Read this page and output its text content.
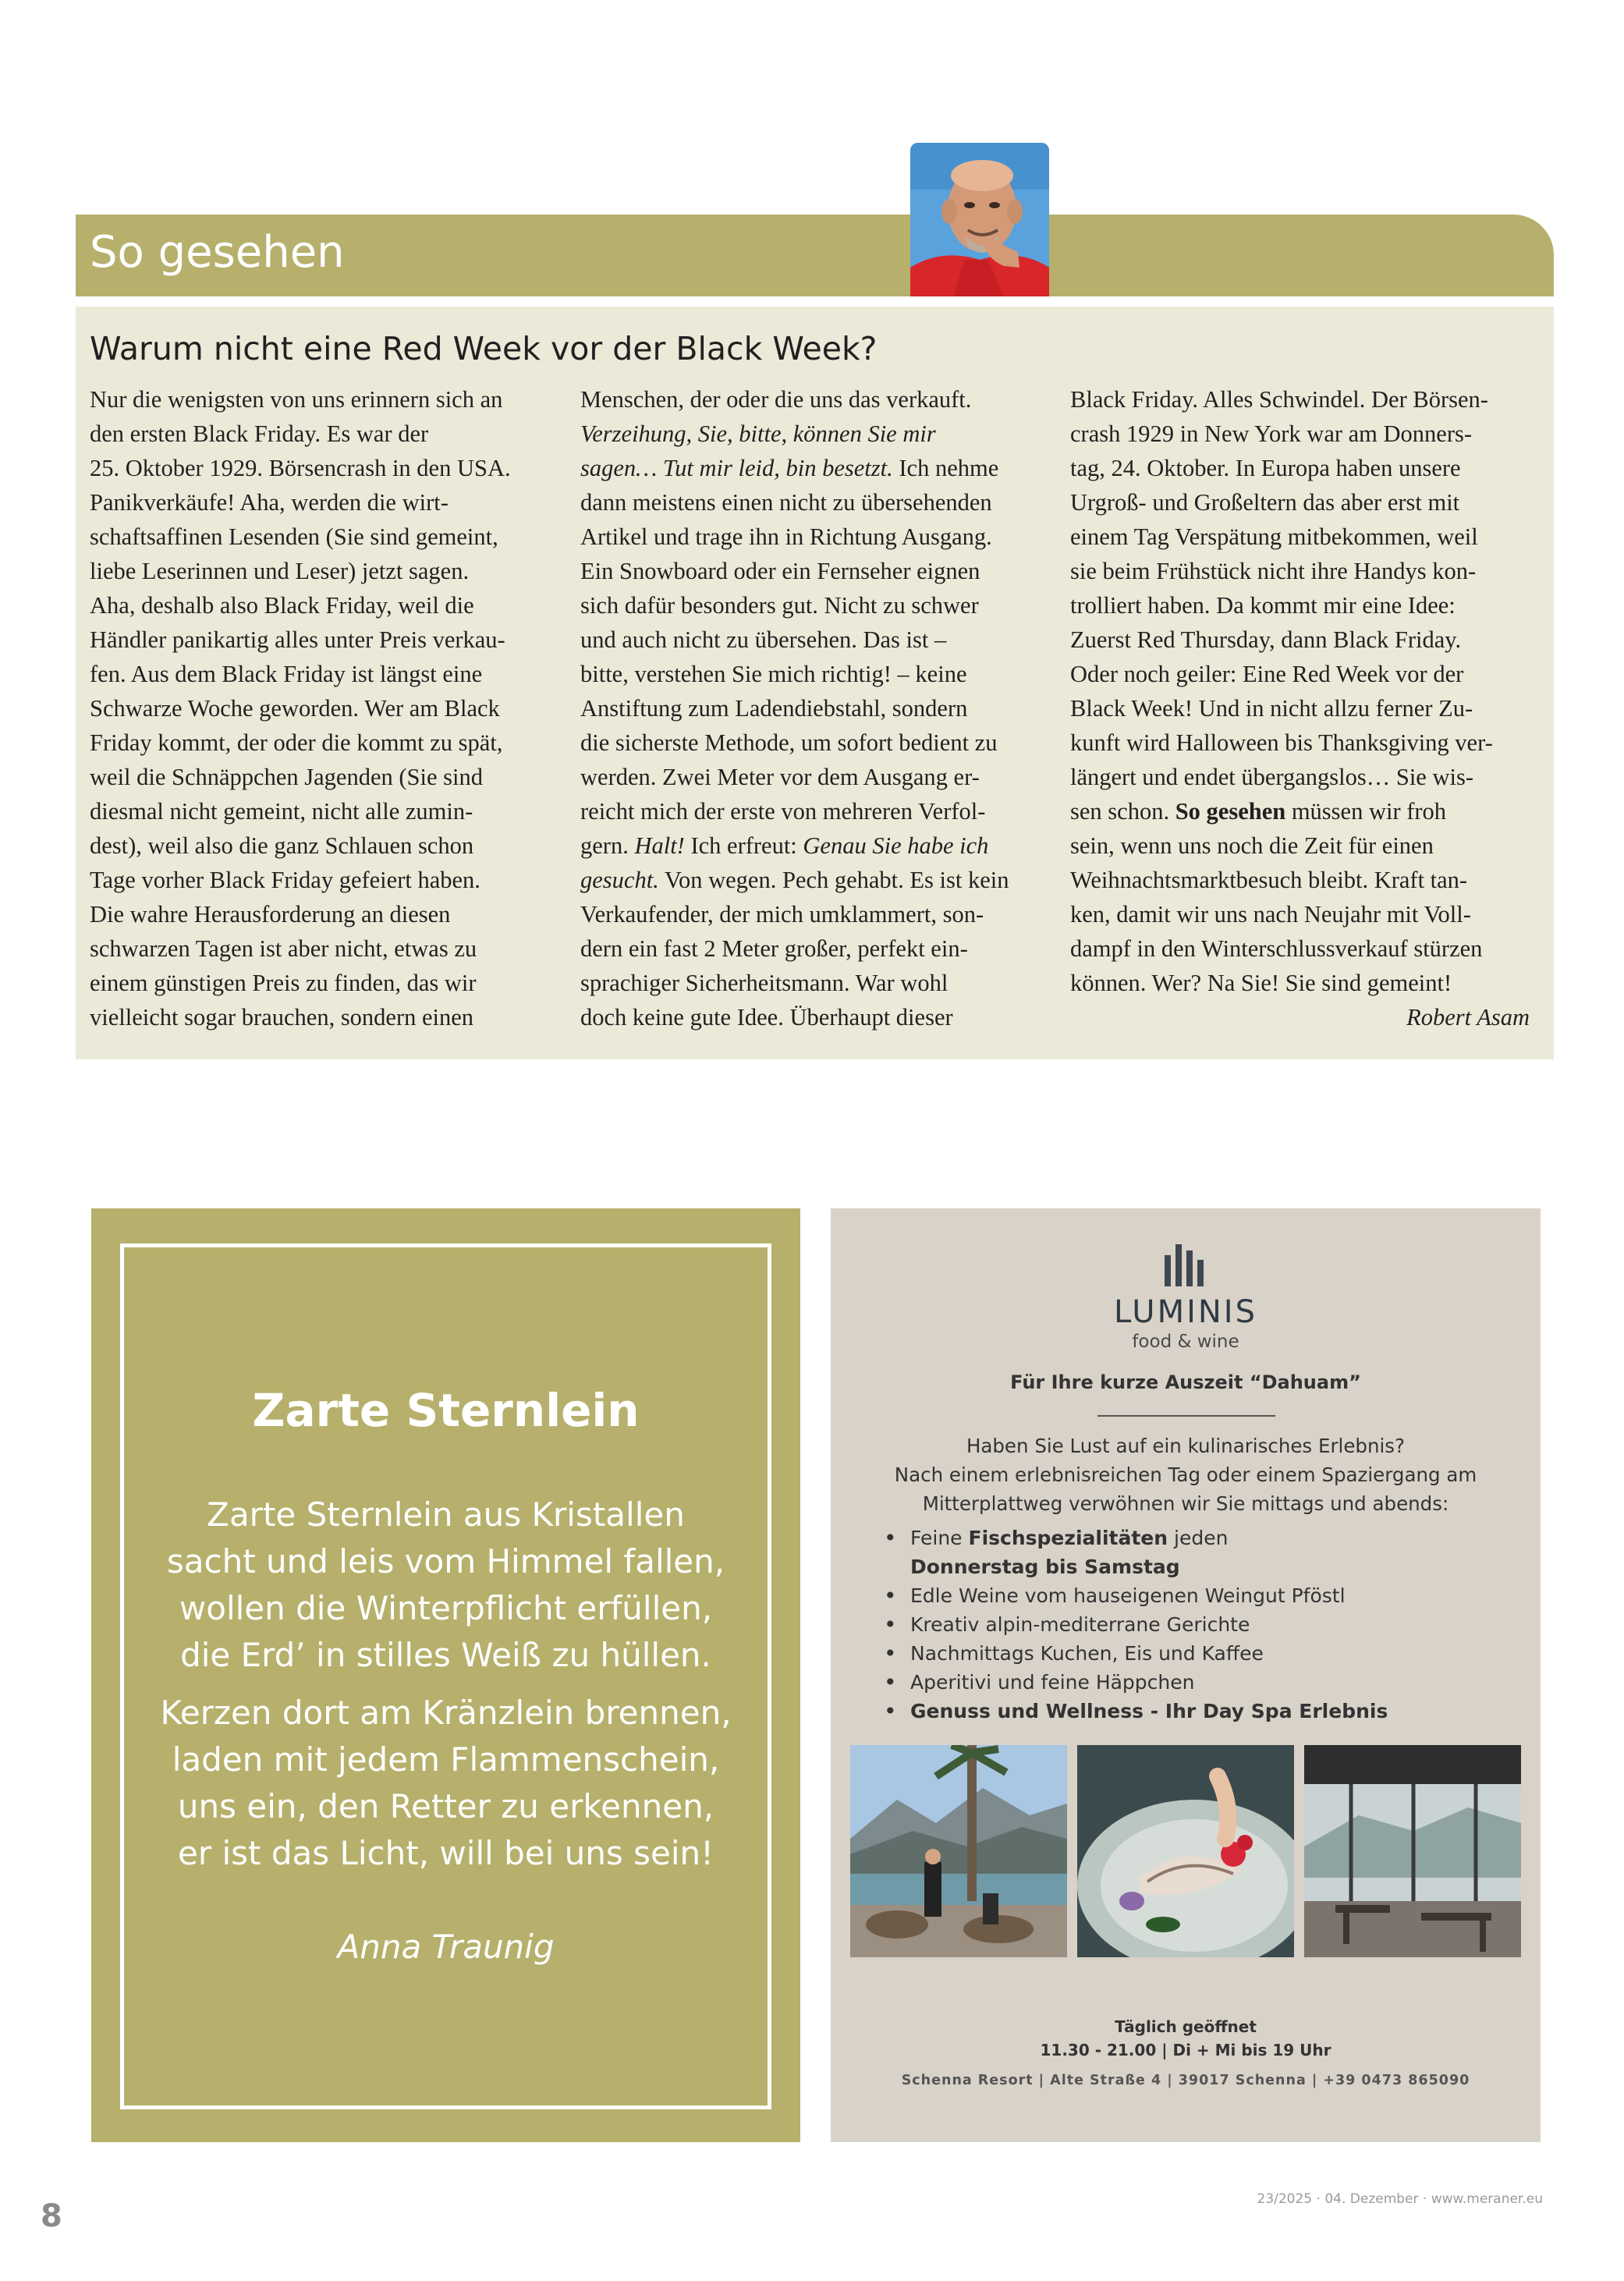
So gesehen
Warum nicht eine Red Week vor der Black Week?
Nur die wenigsten von uns erinnern sich an
den ersten Black Friday. Es war der
25. Oktober 1929. Börsencrash in den USA.
Panikverkäufe! Aha, werden die wirt-
schaftsaffinen Lesenden (Sie sind gemeint,
liebe Leserinnen und Leser) jetzt sagen.
Aha, deshalb also Black Friday, weil die
Händler panikartig alles unter Preis verkau-
fen. Aus dem Black Friday ist längst eine
Schwarze Woche geworden. Wer am Black
Friday kommt, der oder die kommt zu spät,
weil die Schnäppchen Jagenden (Sie sind
diesmal nicht gemeint, nicht alle zumin-
dest), weil also die ganz Schlauen schon
Tage vorher Black Friday gefeiert haben.
Die wahre Herausforderung an diesen
schwarzen Tagen ist aber nicht, etwas zu
einem günstigen Preis zu finden, das wir
vielleicht sogar brauchen, sondern einen
Menschen, der oder die uns das verkauft.
Verzeihung, Sie, bitte, können Sie mir
sagen… Tut mir leid, bin besetzt. Ich nehme
dann meistens einen nicht zu übersehenden
Artikel und trage ihn in Richtung Ausgang.
Ein Snowboard oder ein Fernseher eignen
sich dafür besonders gut. Nicht zu schwer
und auch nicht zu übersehen. Das ist –
bitte, verstehen Sie mich richtig! – keine
Anstiftung zum Ladendiebstahl, sondern
die sicherste Methode, um sofort bedient zu
werden. Zwei Meter vor dem Ausgang er-
reicht mich der erste von mehreren Verfol-
gern. Halt! Ich erfreut: Genau Sie habe ich
gesucht. Von wegen. Pech gehabt. Es ist kein
Verkaufender, der mich umklammert, son-
dern ein fast 2 Meter großer, perfekt ein-
sprachiger Sicherheitsmann. War wohl
doch keine gute Idee. Überhaupt dieser
Black Friday. Alles Schwindel. Der Börsen-
crash 1929 in New York war am Donners-
tag, 24. Oktober. In Europa haben unsere
Urgroß- und Großeltern das aber erst mit
einem Tag Verspätung mitbekommen, weil
sie beim Frühstück nicht ihre Handys kon-
trolliert haben. Da kommt mir eine Idee:
Zuerst Red Thursday, dann Black Friday.
Oder noch geiler: Eine Red Week vor der
Black Week! Und in nicht allzu ferner Zu-
kunft wird Halloween bis Thanksgiving ver-
längert und endet übergangslos… Sie wis-
sen schon. So gesehen müssen wir froh
sein, wenn uns noch die Zeit für einen
Weihnachtsmarktbesuch bleibt. Kraft tan-
ken, damit wir uns nach Neujahr mit Voll-
dampf in den Winterschlussverkauf stürzen
können. Wer? Na Sie! Sie sind gemeint!
Robert Asam
Zarte Sternlein
Zarte Sternlein aus Kristallen
sacht und leis vom Himmel fallen,
wollen die Winterpflicht erfüllen,
die Erd’ in stilles Weiß zu hüllen.
Kerzen dort am Kränzlein brennen,
laden mit jedem Flammenschein,
uns ein, den Retter zu erkennen,
er ist das Licht, will bei uns sein!
Anna Traunig
LUMINIS
food & wine
Für Ihre kurze Auszeit “Dahuam”
Haben Sie Lust auf ein kulinarisches Erlebnis?
Nach einem erlebnisreichen Tag oder einem Spaziergang am
Mitterplattweg verwöhnen wir Sie mittags und abends:
• Feine Fischspezialitäten jeden
Donnerstag bis Samstag
• Edle Weine vom hauseigenen Weingut Pföstl
• Kreativ alpin-mediterrane Gerichte
• Nachmittags Kuchen, Eis und Kaffee
• Aperitivi und feine Häppchen
• Genuss und Wellness - Ihr Day Spa Erlebnis
Täglich geöffnet
11.30 - 21.00 | Di + Mi bis 19 Uhr
Schenna Resort | Alte Straße 4 | 39017 Schenna | +39 0473 865090
8	23/2025 · 04. Dezember · www.meraner.eu
